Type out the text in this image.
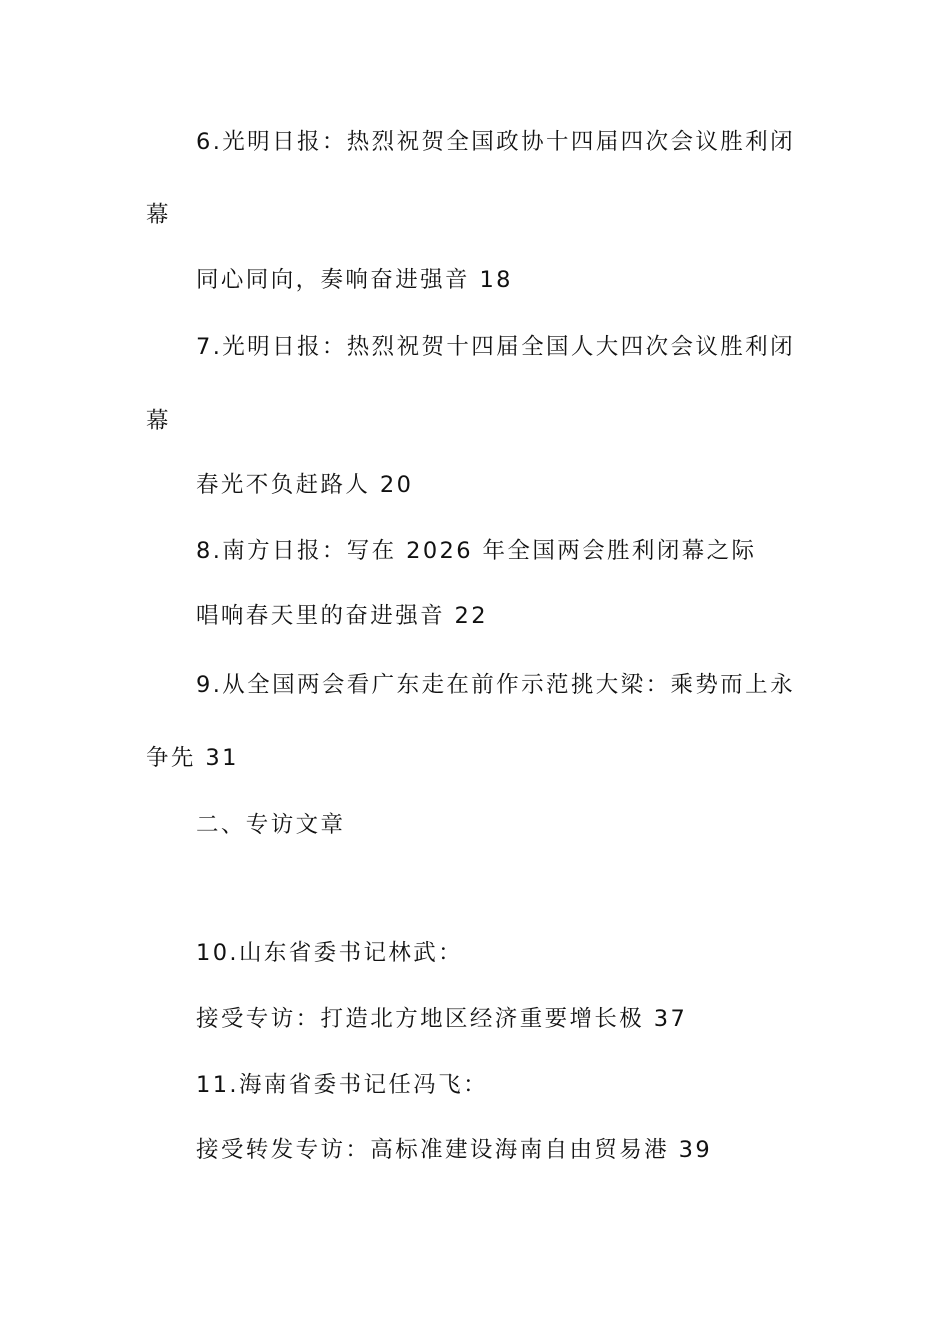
6.光明日报：热烈祝贺全国政协十四届四次会议胜利闭
幕
同心同向，奏响奋进强音 18
7.光明日报：热烈祝贺十四届全国人大四次会议胜利闭
幕
春光不负赶路人 20
8.南方日报：写在 2026 年全国两会胜利闭幕之际
唱响春天里的奋进强音 22
9.从全国两会看广东走在前作示范挑大梁：乘势而上永
争先 31
二、专访文章
10.山东省委书记林武：
接受专访：打造北方地区经济重要增长极 37
11.海南省委书记任冯飞：
接受转发专访：高标准建设海南自由贸易港 39
